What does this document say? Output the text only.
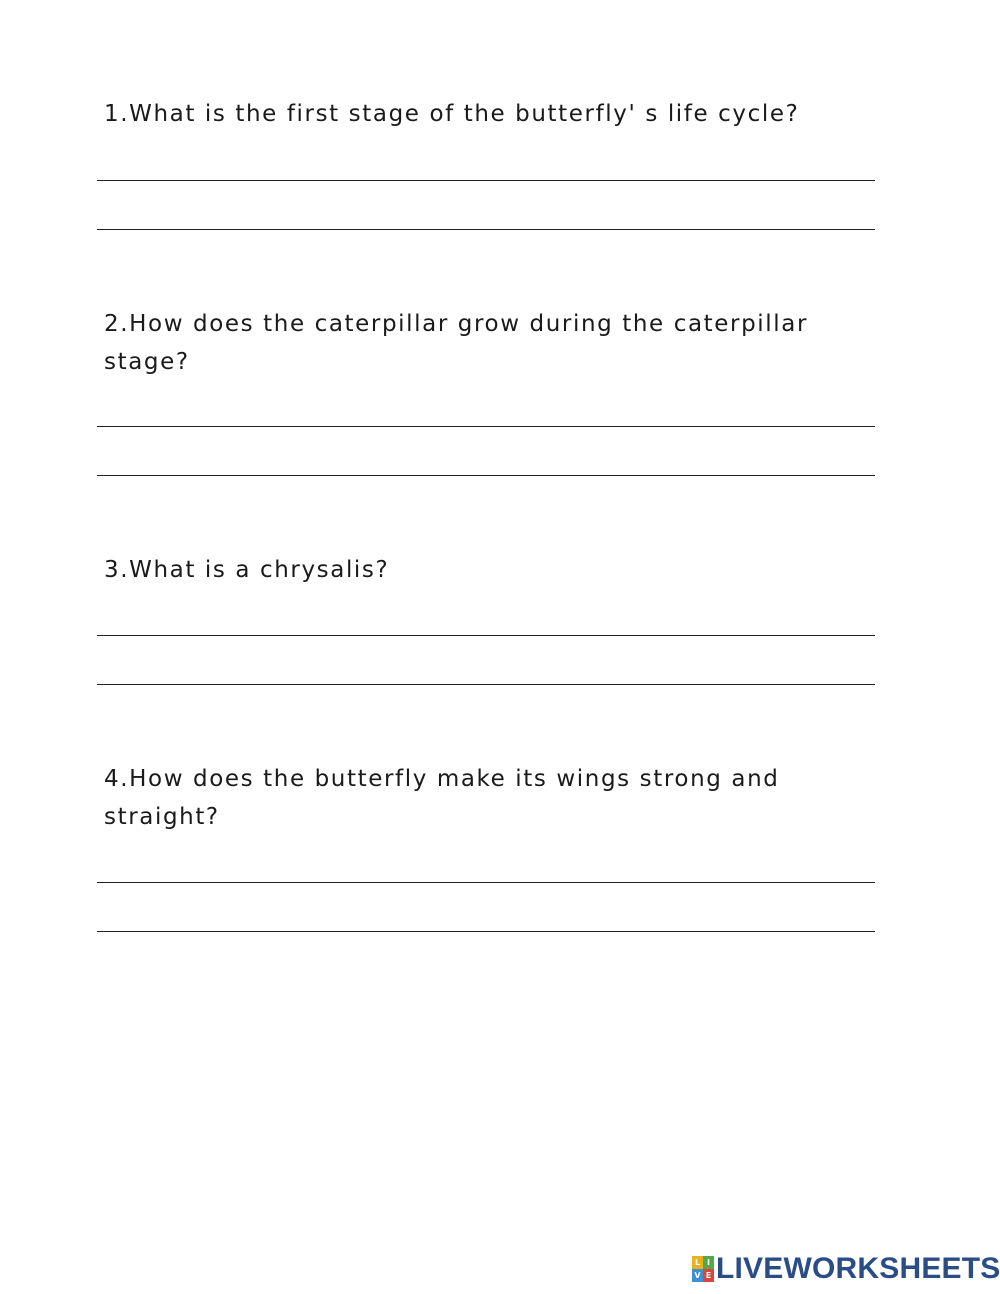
1.What is the first stage of the butterfly' s life cycle?

2.How does the caterpillar grow during the caterpillar stage?

3.What is a chrysalis?

4.How does the butterfly make its wings strong and straight?

L I
V E LIVEWORKSHEETS
